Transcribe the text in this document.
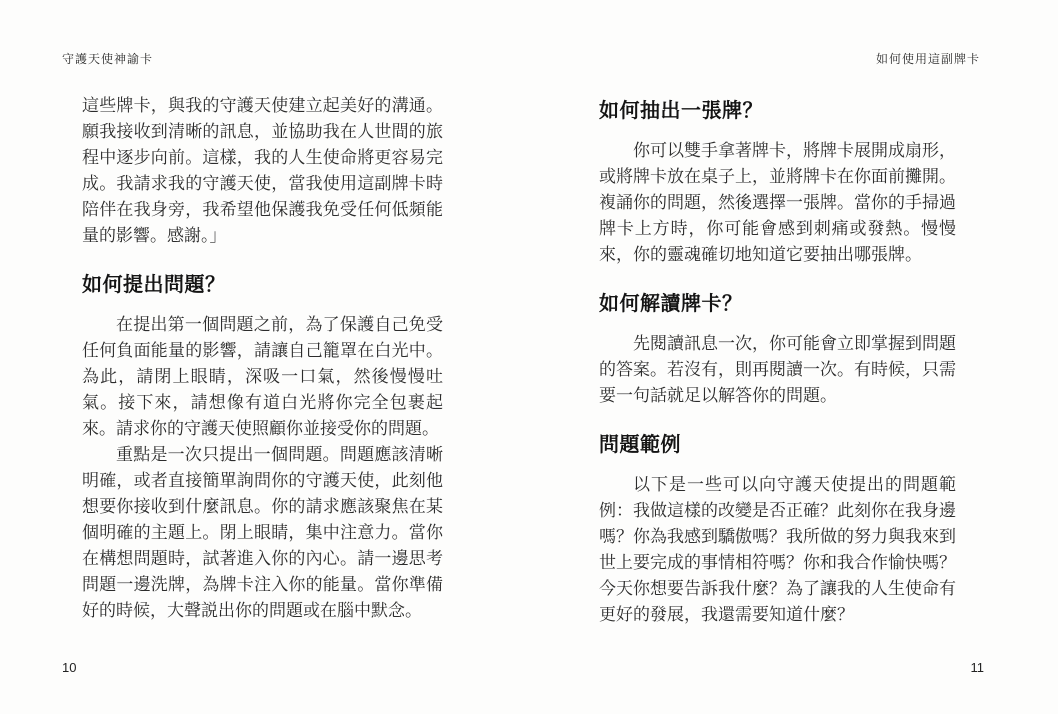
守護天使神諭卡

這些牌卡，與我的守護天使建立起美好的溝通。願我接收到清晰的訊息，並協助我在人世間的旅程中逐步向前。這樣，我的人生使命將更容易完成。我請求我的守護天使，當我使用這副牌卡時陪伴在我身旁，我希望他保護我免受任何低頻能量的影響。感謝。」

如何提出問題？

在提出第一個問題之前，為了保護自己免受任何負面能量的影響，請讓自己籠罩在白光中。為此，請閉上眼睛，深吸一口氣，然後慢慢吐氣。接下來，請想像有道白光將你完全包裹起來。請求你的守護天使照顧你並接受你的問題。

重點是一次只提出一個問題。問題應該清晰明確，或者直接簡單詢問你的守護天使，此刻他想要你接收到什麼訊息。你的請求應該聚焦在某個明確的主題上。閉上眼睛，集中注意力。當你在構想問題時，試著進入你的內心。請一邊思考問題一邊洗牌，為牌卡注入你的能量。當你準備好的時候，大聲説出你的問題或在腦中默念。

10
如何使用這副牌卡
如何抽出一張牌？

你可以雙手拿著牌卡，將牌卡展開成扇形，或將牌卡放在桌子上，並將牌卡在你面前攤開。複誦你的問題，然後選擇一張牌。當你的手掃過牌卡上方時，你可能會感到刺痛或發熱。慢慢來，你的靈魂確切地知道它要抽出哪張牌。

如何解讀牌卡？

先閱讀訊息一次，你可能會立即掌握到問題的答案。若沒有，則再閱讀一次。有時候，只需要一句話就足以解答你的問題。

問題範例

以下是一些可以向守護天使提出的問題範例：我做這樣的改變是否正確？此刻你在我身邊嗎？你為我感到驕傲嗎？我所做的努力與我來到世上要完成的事情相符嗎？你和我合作愉快嗎？今天你想要告訴我什麼？為了讓我的人生使命有更好的發展，我還需要知道什麼？

11
